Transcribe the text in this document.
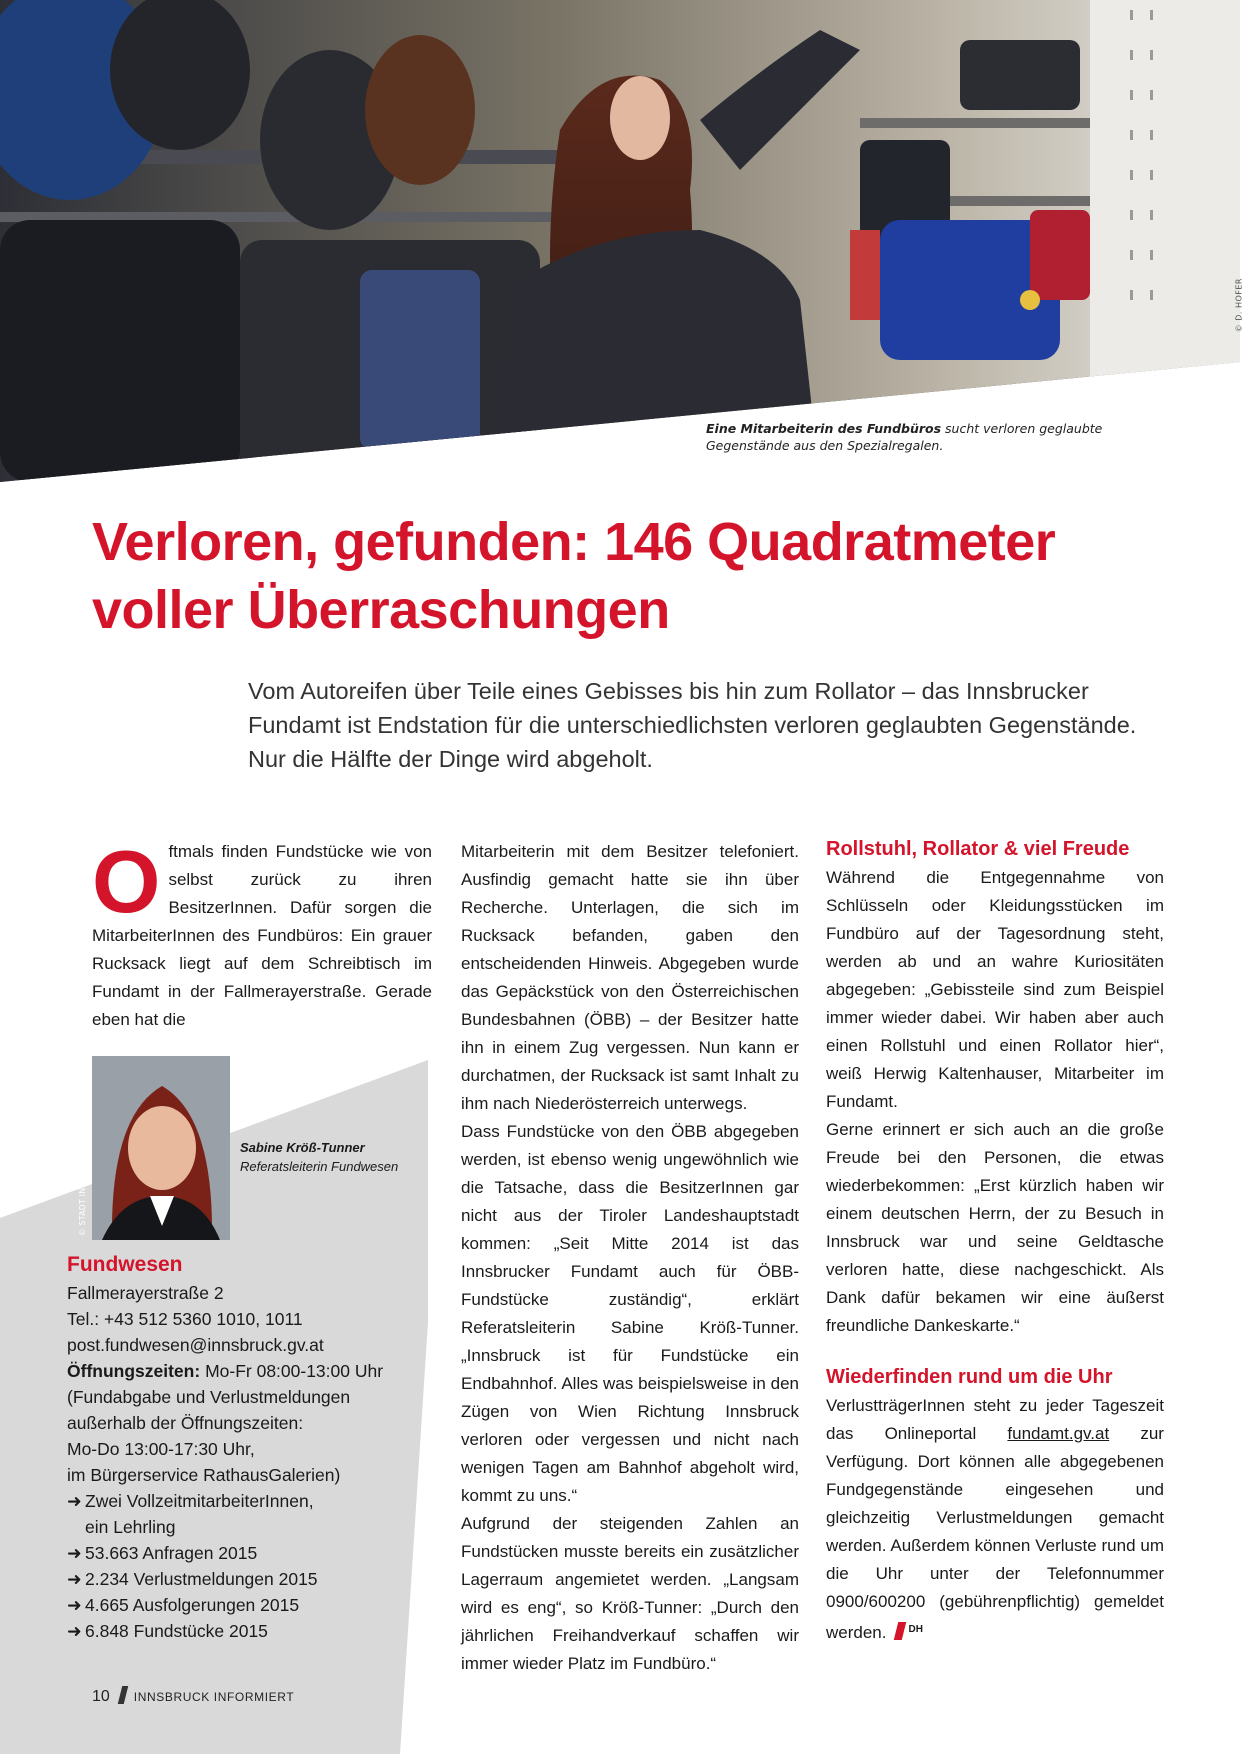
© D. HOFER
Eine Mitarbeiterin des Fundbüros sucht verloren geglaubte
Gegenstände aus den Spezialregalen.
Verloren, gefunden: 146 Quadratmeter
voller Überraschungen

Vom Autoreifen über Teile eines Gebisses bis hin zum Rollator – das Innsbrucker Fundamt ist Endstation für die unterschiedlichsten verloren geglaubten Gegenstände. Nur die Hälfte der Dinge wird abgeholt.

O ftmals finden Fundstücke wie von selbst zurück zu ihren BesitzerInnen. Dafür sorgen die MitarbeiterInnen des Fundbüros: Ein grauer Rucksack liegt auf dem Schreibtisch im Fundamt in der Fallmerayerstraße. Gerade eben hat die

© STADT INNSBRUCK
Sabine Kröß-Tunner
Referatsleiterin Fundwesen
Fundwesen
Fallmerayerstraße 2
Tel.: +43 512 5360 1010, 1011
post.fundwesen@innsbruck.gv.at
Öffnungszeiten: Mo-Fr 08:00-13:00 Uhr
(Fundabgabe und Verlustmeldungen
außerhalb der Öffnungszeiten:
Mo-Do 13:00-17:30 Uhr,
im Bürgerservice RathausGalerien)
➜ Zwei VollzeitmitarbeiterInnen,
ein Lehrling
➜ 53.663 Anfragen 2015
➜ 2.234 Verlustmeldungen 2015
➜ 4.665 Ausfolgerungen 2015
➜ 6.848 Fundstücke 2015

Mitarbeiterin mit dem Besitzer telefoniert. Ausfindig gemacht hatte sie ihn über Recherche. Unterlagen, die sich im Rucksack befanden, gaben den entscheidenden Hinweis. Abgegeben wurde das Gepäckstück von den Österreichischen Bundesbahnen (ÖBB) – der Besitzer hatte ihn in einem Zug vergessen. Nun kann er durchatmen, der Rucksack ist samt Inhalt zu ihm nach Niederösterreich unterwegs.

Dass Fundstücke von den ÖBB abgegeben werden, ist ebenso wenig ungewöhnlich wie die Tatsache, dass die BesitzerInnen gar nicht aus der Tiroler Landeshauptstadt kommen: „Seit Mitte 2014 ist das Innsbrucker Fundamt auch für ÖBB-Fundstücke zuständig“, erklärt Referatsleiterin Sabine Kröß-Tunner. „Innsbruck ist für Fundstücke ein Endbahnhof. Alles was beispielsweise in den Zügen von Wien Richtung Innsbruck verloren oder vergessen und nicht nach wenigen Tagen am Bahnhof abgeholt wird, kommt zu uns.“

Aufgrund der steigenden Zahlen an Fundstücken musste bereits ein zusätzlicher Lagerraum angemietet werden. „Langsam wird es eng“, so Kröß-Tunner: „Durch den jährlichen Freihandverkauf schaffen wir immer wieder Platz im Fundbüro.“

Rollstuhl, Rollator & viel Freude

Während die Entgegennahme von Schlüsseln oder Kleidungsstücken im Fundbüro auf der Tagesordnung steht, werden ab und an wahre Kuriositäten abgegeben: „Gebissteile sind zum Beispiel immer wieder dabei. Wir haben aber auch einen Rollstuhl und einen Rollator hier“, weiß Herwig Kaltenhauser, Mitarbeiter im Fundamt.

Gerne erinnert er sich auch an die große Freude bei den Personen, die etwas wiederbekommen: „Erst kürzlich haben wir einem deutschen Herrn, der zu Besuch in Innsbruck war und seine Geldtasche verloren hatte, diese nachgeschickt. Als Dank dafür bekamen wir eine äußerst freundliche Dankeskarte.“

Wiederfinden rund um die Uhr

VerlustträgerInnen steht zu jeder Tageszeit das Onlineportal fundamt.gv.at zur Verfügung. Dort können alle abgegebenen Fundgegenstände eingesehen und gleichzeitig Verlustmeldungen gemacht werden. Außerdem können Verluste rund um die Uhr unter der Telefonnummer 0900/600200 (gebührenpflichtig) gemeldet werden. $^{DH}$

10 INNSBRUCK INFORMIERT
